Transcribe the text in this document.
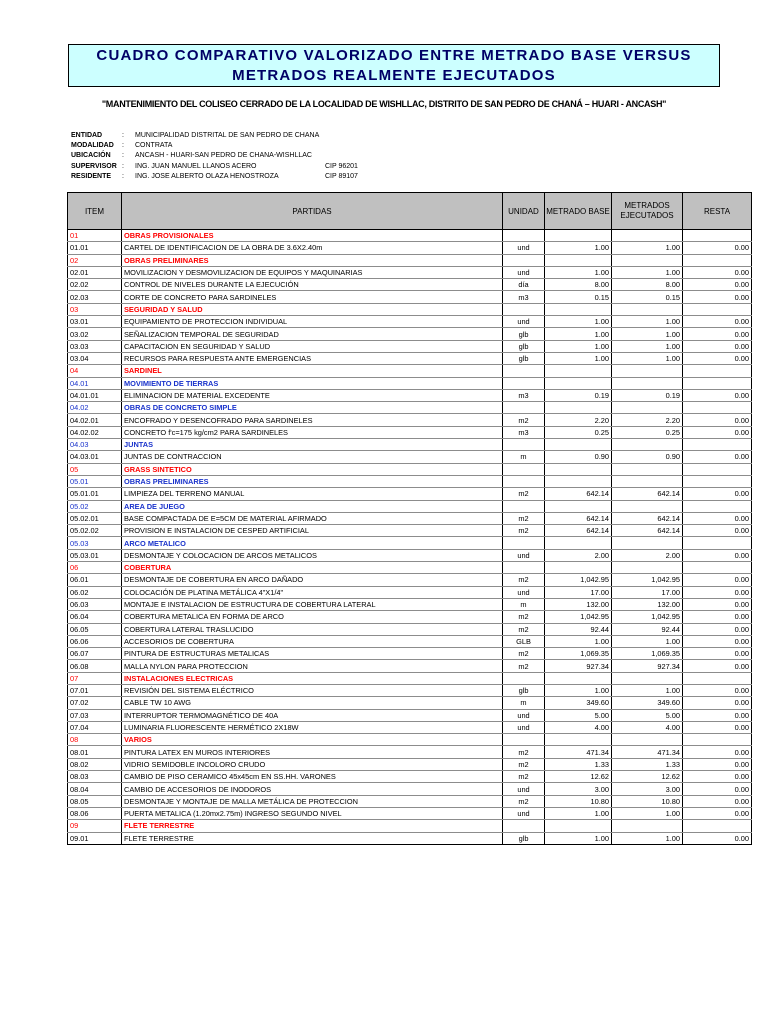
CUADRO COMPARATIVO VALORIZADO ENTRE METRADO BASE VERSUS
METRADOS REALMENTE EJECUTADOS
"MANTENIMIENTO DEL COLISEO CERRADO DE LA LOCALIDAD DE WISHLLAC, DISTRITO DE SAN PEDRO DE CHANÁ – HUARI - ANCASH"
ENTIDAD	: MUNICIPALIDAD DISTRITAL DE SAN PEDRO DE CHANA
MODALIDAD : CONTRATA
UBICACIÓN : ANCASH - HUARI-SAN PEDRO DE CHANA-WISHLLAC
SUPERVISOR : ING. JUAN MANUEL LLANOS ACERO	CIP 96201
RESIDENTE : ING. JOSE ALBERTO OLAZA HENOSTROZA	CIP 89107
ITEM	PARTIDAS	UNIDAD	METRADO BASE	METRADOS EJECUTADOS	RESTA
01	OBRAS PROVISIONALES				
01.01	CARTEL DE IDENTIFICACION DE LA OBRA DE 3.6X2.40m	und	1.00	1.00	0.00
02	OBRAS PRELIMINARES				
02.01	MOVILIZACION Y DESMOVILIZACION DE EQUIPOS Y MAQUINARIAS	und	1.00	1.00	0.00
02.02	CONTROL DE NIVELES DURANTE LA EJECUCIÓN	día	8.00	8.00	0.00
02.03	CORTE DE CONCRETO PARA SARDINELES	m3	0.15	0.15	0.00
03	SEGURIDAD Y SALUD				
03.01	EQUIPAMIENTO DE PROTECCION INDIVIDUAL	und	1.00	1.00	0.00
03.02	SEÑALIZACION TEMPORAL DE SEGURIDAD	glb	1.00	1.00	0.00
03.03	CAPACITACION EN SEGURIDAD Y SALUD	glb	1.00	1.00	0.00
03.04	RECURSOS PARA RESPUESTA ANTE EMERGENCIAS	glb	1.00	1.00	0.00
04	SARDINEL				
04.01	MOVIMIENTO DE TIERRAS				
04.01.01	ELIMINACION DE MATERIAL EXCEDENTE	m3	0.19	0.19	0.00
04.02	OBRAS DE CONCRETO SIMPLE				
04.02.01	ENCOFRADO Y DESENCOFRADO PARA SARDINELES	m2	2.20	2.20	0.00
04.02.02	CONCRETO f'c=175 kg/cm2 PARA SARDINELES	m3	0.25	0.25	0.00
04.03	JUNTAS				
04.03.01	JUNTAS DE CONTRACCION	m	0.90	0.90	0.00
05	GRASS SINTETICO				
05.01	OBRAS PRELIMINARES				
05.01.01	LIMPIEZA DEL TERRENO MANUAL	m2	642.14	642.14	0.00
05.02	AREA DE JUEGO				
05.02.01	BASE COMPACTADA DE E=5CM DE MATERIAL AFIRMADO	m2	642.14	642.14	0.00
05.02.02	PROVISION E INSTALACION DE CESPED ARTIFICIAL	m2	642.14	642.14	0.00
05.03	ARCO METALICO				
05.03.01	DESMONTAJE Y COLOCACION DE ARCOS METALICOS	und	2.00	2.00	0.00
06	COBERTURA				
06.01	DESMONTAJE DE COBERTURA EN ARCO DAÑADO	m2	1,042.95	1,042.95	0.00
06.02	COLOCACIÓN DE PLATINA METÁLICA 4"X1/4"	und	17.00	17.00	0.00
06.03	MONTAJE E INSTALACION DE ESTRUCTURA DE COBERTURA LATERAL	m	132.00	132.00	0.00
06.04	COBERTURA METALICA EN FORMA DE ARCO	m2	1,042.95	1,042.95	0.00
06.05	COBERTURA LATERAL TRASLUCIDO	m2	92.44	92.44	0.00
06.06	ACCESORIOS DE COBERTURA	GLB	1.00	1.00	0.00
06.07	PINTURA DE ESTRUCTURAS METALICAS	m2	1,069.35	1,069.35	0.00
06.08	MALLA NYLON PARA PROTECCION	m2	927.34	927.34	0.00
07	INSTALACIONES ELECTRICAS				
07.01	REVISIÓN DEL SISTEMA ELÉCTRICO	glb	1.00	1.00	0.00
07.02	CABLE TW 10 AWG	m	349.60	349.60	0.00
07.03	INTERRUPTOR TERMOMAGNÉTICO DE 40A	und	5.00	5.00	0.00
07.04	LUMINARIA FLUORESCENTE HERMÉTICO 2X18W	und	4.00	4.00	0.00
08	VARIOS				
08.01	PINTURA LATEX EN MUROS INTERIORES	m2	471.34	471.34	0.00
08.02	VIDRIO SEMIDOBLE INCOLORO CRUDO	m2	1.33	1.33	0.00
08.03	CAMBIO DE PISO CERAMICO 45x45cm EN SS.HH. VARONES	m2	12.62	12.62	0.00
08.04	CAMBIO DE ACCESORIOS DE INODOROS	und	3.00	3.00	0.00
08.05	DESMONTAJE Y MONTAJE DE MALLA METÁLICA DE PROTECCION	m2	10.80	10.80	0.00
08.06	PUERTA METALICA (1.20mx2.75m) INGRESO SEGUNDO NIVEL	und	1.00	1.00	0.00
09	FLETE TERRESTRE				
09.01	FLETE TERRESTRE	glb	1.00	1.00	0.00
